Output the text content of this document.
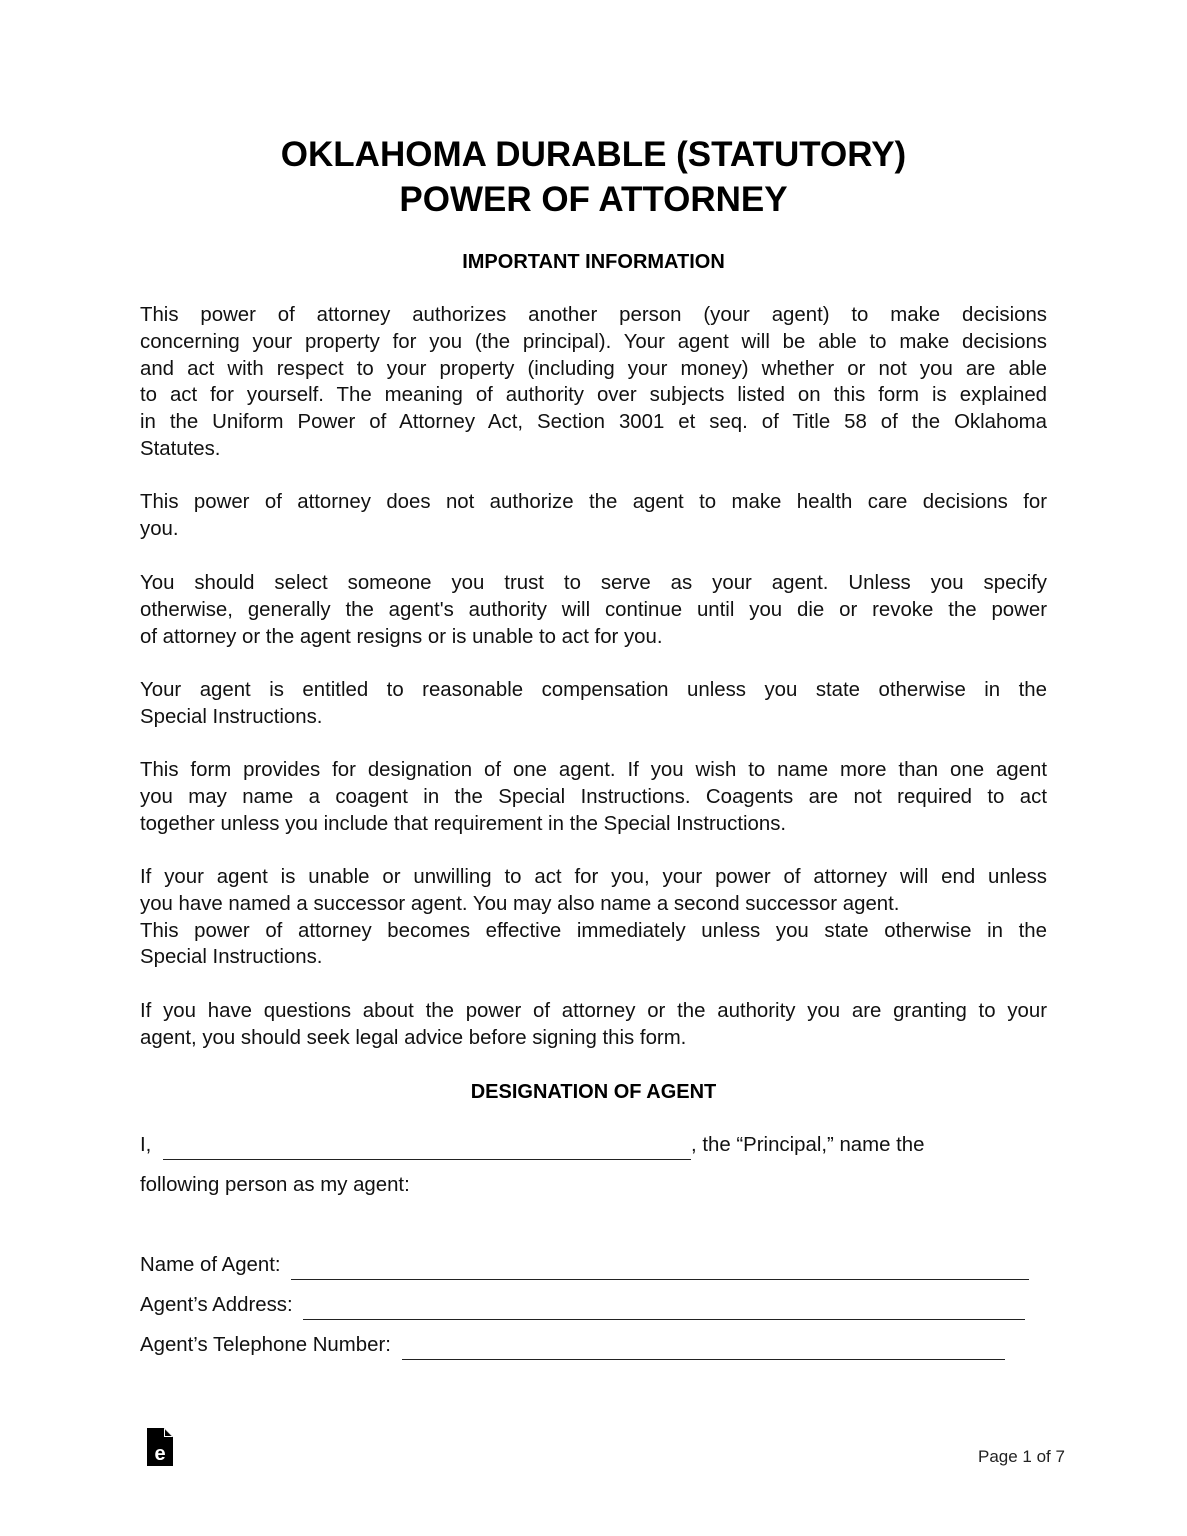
OKLAHOMA DURABLE (STATUTORY)
POWER OF ATTORNEY
IMPORTANT INFORMATION
This power of attorney authorizes another person (your agent) to make decisions
concerning your property for you (the principal). Your agent will be able to make decisions
and act with respect to your property (including your money) whether or not you are able
to act for yourself. The meaning of authority over subjects listed on this form is explained
in the Uniform Power of Attorney Act, Section 3001 et seq. of Title 58 of the Oklahoma
Statutes.
This power of attorney does not authorize the agent to make health care decisions for
you.
You should select someone you trust to serve as your agent. Unless you specify
otherwise, generally the agent's authority will continue until you die or revoke the power
of attorney or the agent resigns or is unable to act for you.
Your agent is entitled to reasonable compensation unless you state otherwise in the
Special Instructions.
This form provides for designation of one agent. If you wish to name more than one agent
you may name a coagent in the Special Instructions. Coagents are not required to act
together unless you include that requirement in the Special Instructions.
If your agent is unable or unwilling to act for you, your power of attorney will end unless
you have named a successor agent. You may also name a second successor agent.
This power of attorney becomes effective immediately unless you state otherwise in the
Special Instructions.
If you have questions about the power of attorney or the authority you are granting to your
agent, you should seek legal advice before signing this form.
DESIGNATION OF AGENT
I,	, the “Principal,” name the
following person as my agent:
Name of Agent:
Agent’s Address:
Agent’s Telephone Number:
e	Page 1 of 7
